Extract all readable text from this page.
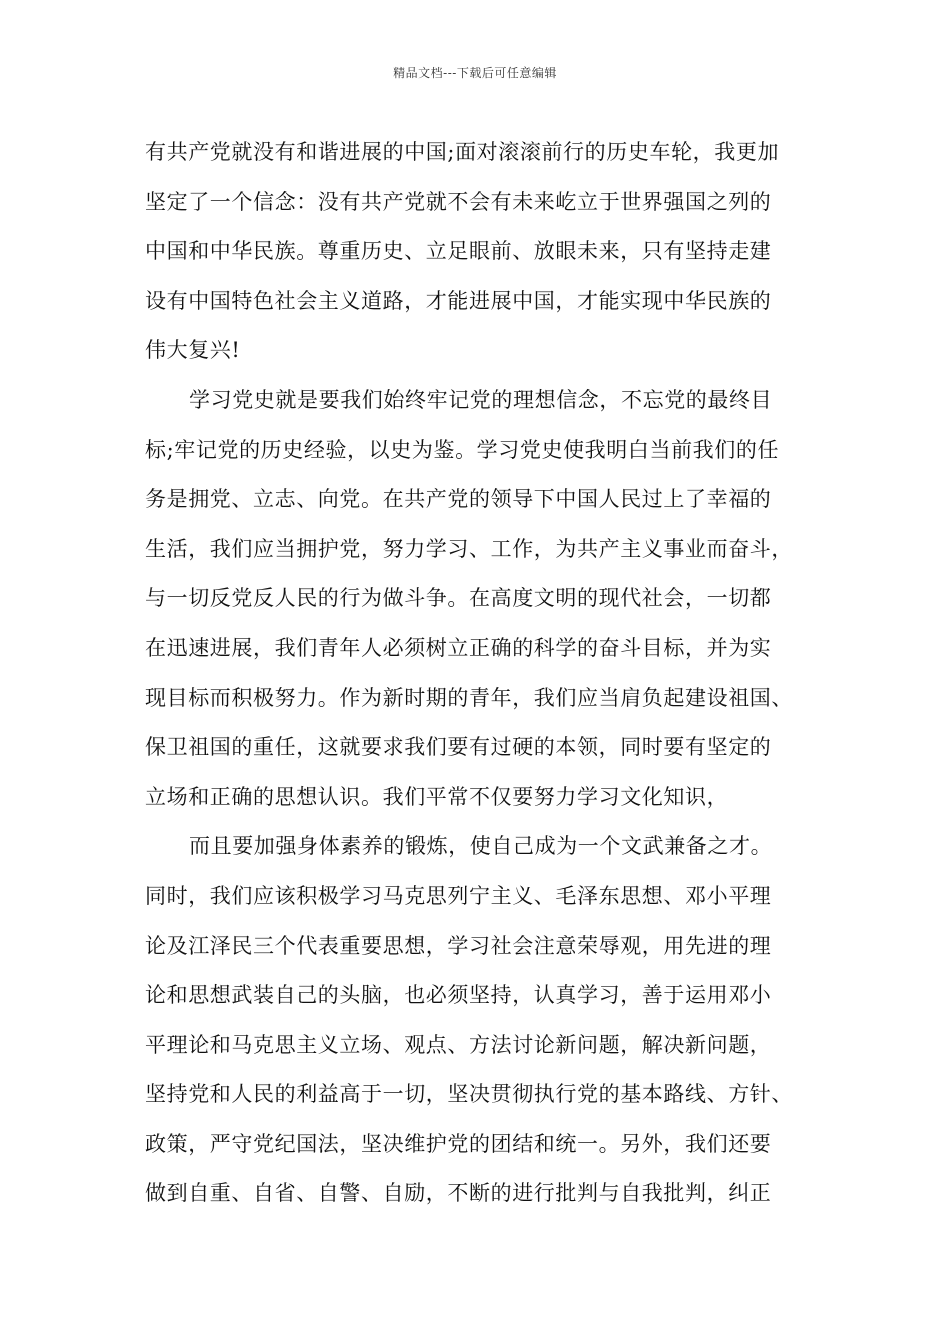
精品文档---下载后可任意编辑
有共产党就没有和谐进展的中国;面对滚滚前行的历史车轮，我更加
坚定了一个信念：没有共产党就不会有未来屹立于世界强国之列的
中国和中华民族。尊重历史、立足眼前、放眼未来，只有坚持走建
设有中国特色社会主义道路，才能进展中国，才能实现中华民族的
伟大复兴!
学习党史就是要我们始终牢记党的理想信念，不忘党的最终目
标;牢记党的历史经验，以史为鉴。学习党史使我明白当前我们的任
务是拥党、立志、向党。在共产党的领导下中国人民过上了幸福的
生活，我们应当拥护党，努力学习、工作，为共产主义事业而奋斗，
与一切反党反人民的行为做斗争。在高度文明的现代社会，一切都
在迅速进展，我们青年人必须树立正确的科学的奋斗目标，并为实
现目标而积极努力。作为新时期的青年，我们应当肩负起建设祖国、
保卫祖国的重任，这就要求我们要有过硬的本领，同时要有坚定的
立场和正确的思想认识。我们平常不仅要努力学习文化知识，
而且要加强身体素养的锻炼，使自己成为一个文武兼备之才。
同时，我们应该积极学习马克思列宁主义、毛泽东思想、邓小平理
论及江泽民三个代表重要思想，学习社会注意荣辱观，用先进的理
论和思想武装自己的头脑，也必须坚持，认真学习，善于运用邓小
平理论和马克思主义立场、观点、方法讨论新问题，解决新问题，
坚持党和人民的利益高于一切，坚决贯彻执行党的基本路线、方针、
政策，严守党纪国法，坚决维护党的团结和统一。另外，我们还要
做到自重、自省、自警、自励，不断的进行批判与自我批判，纠正
